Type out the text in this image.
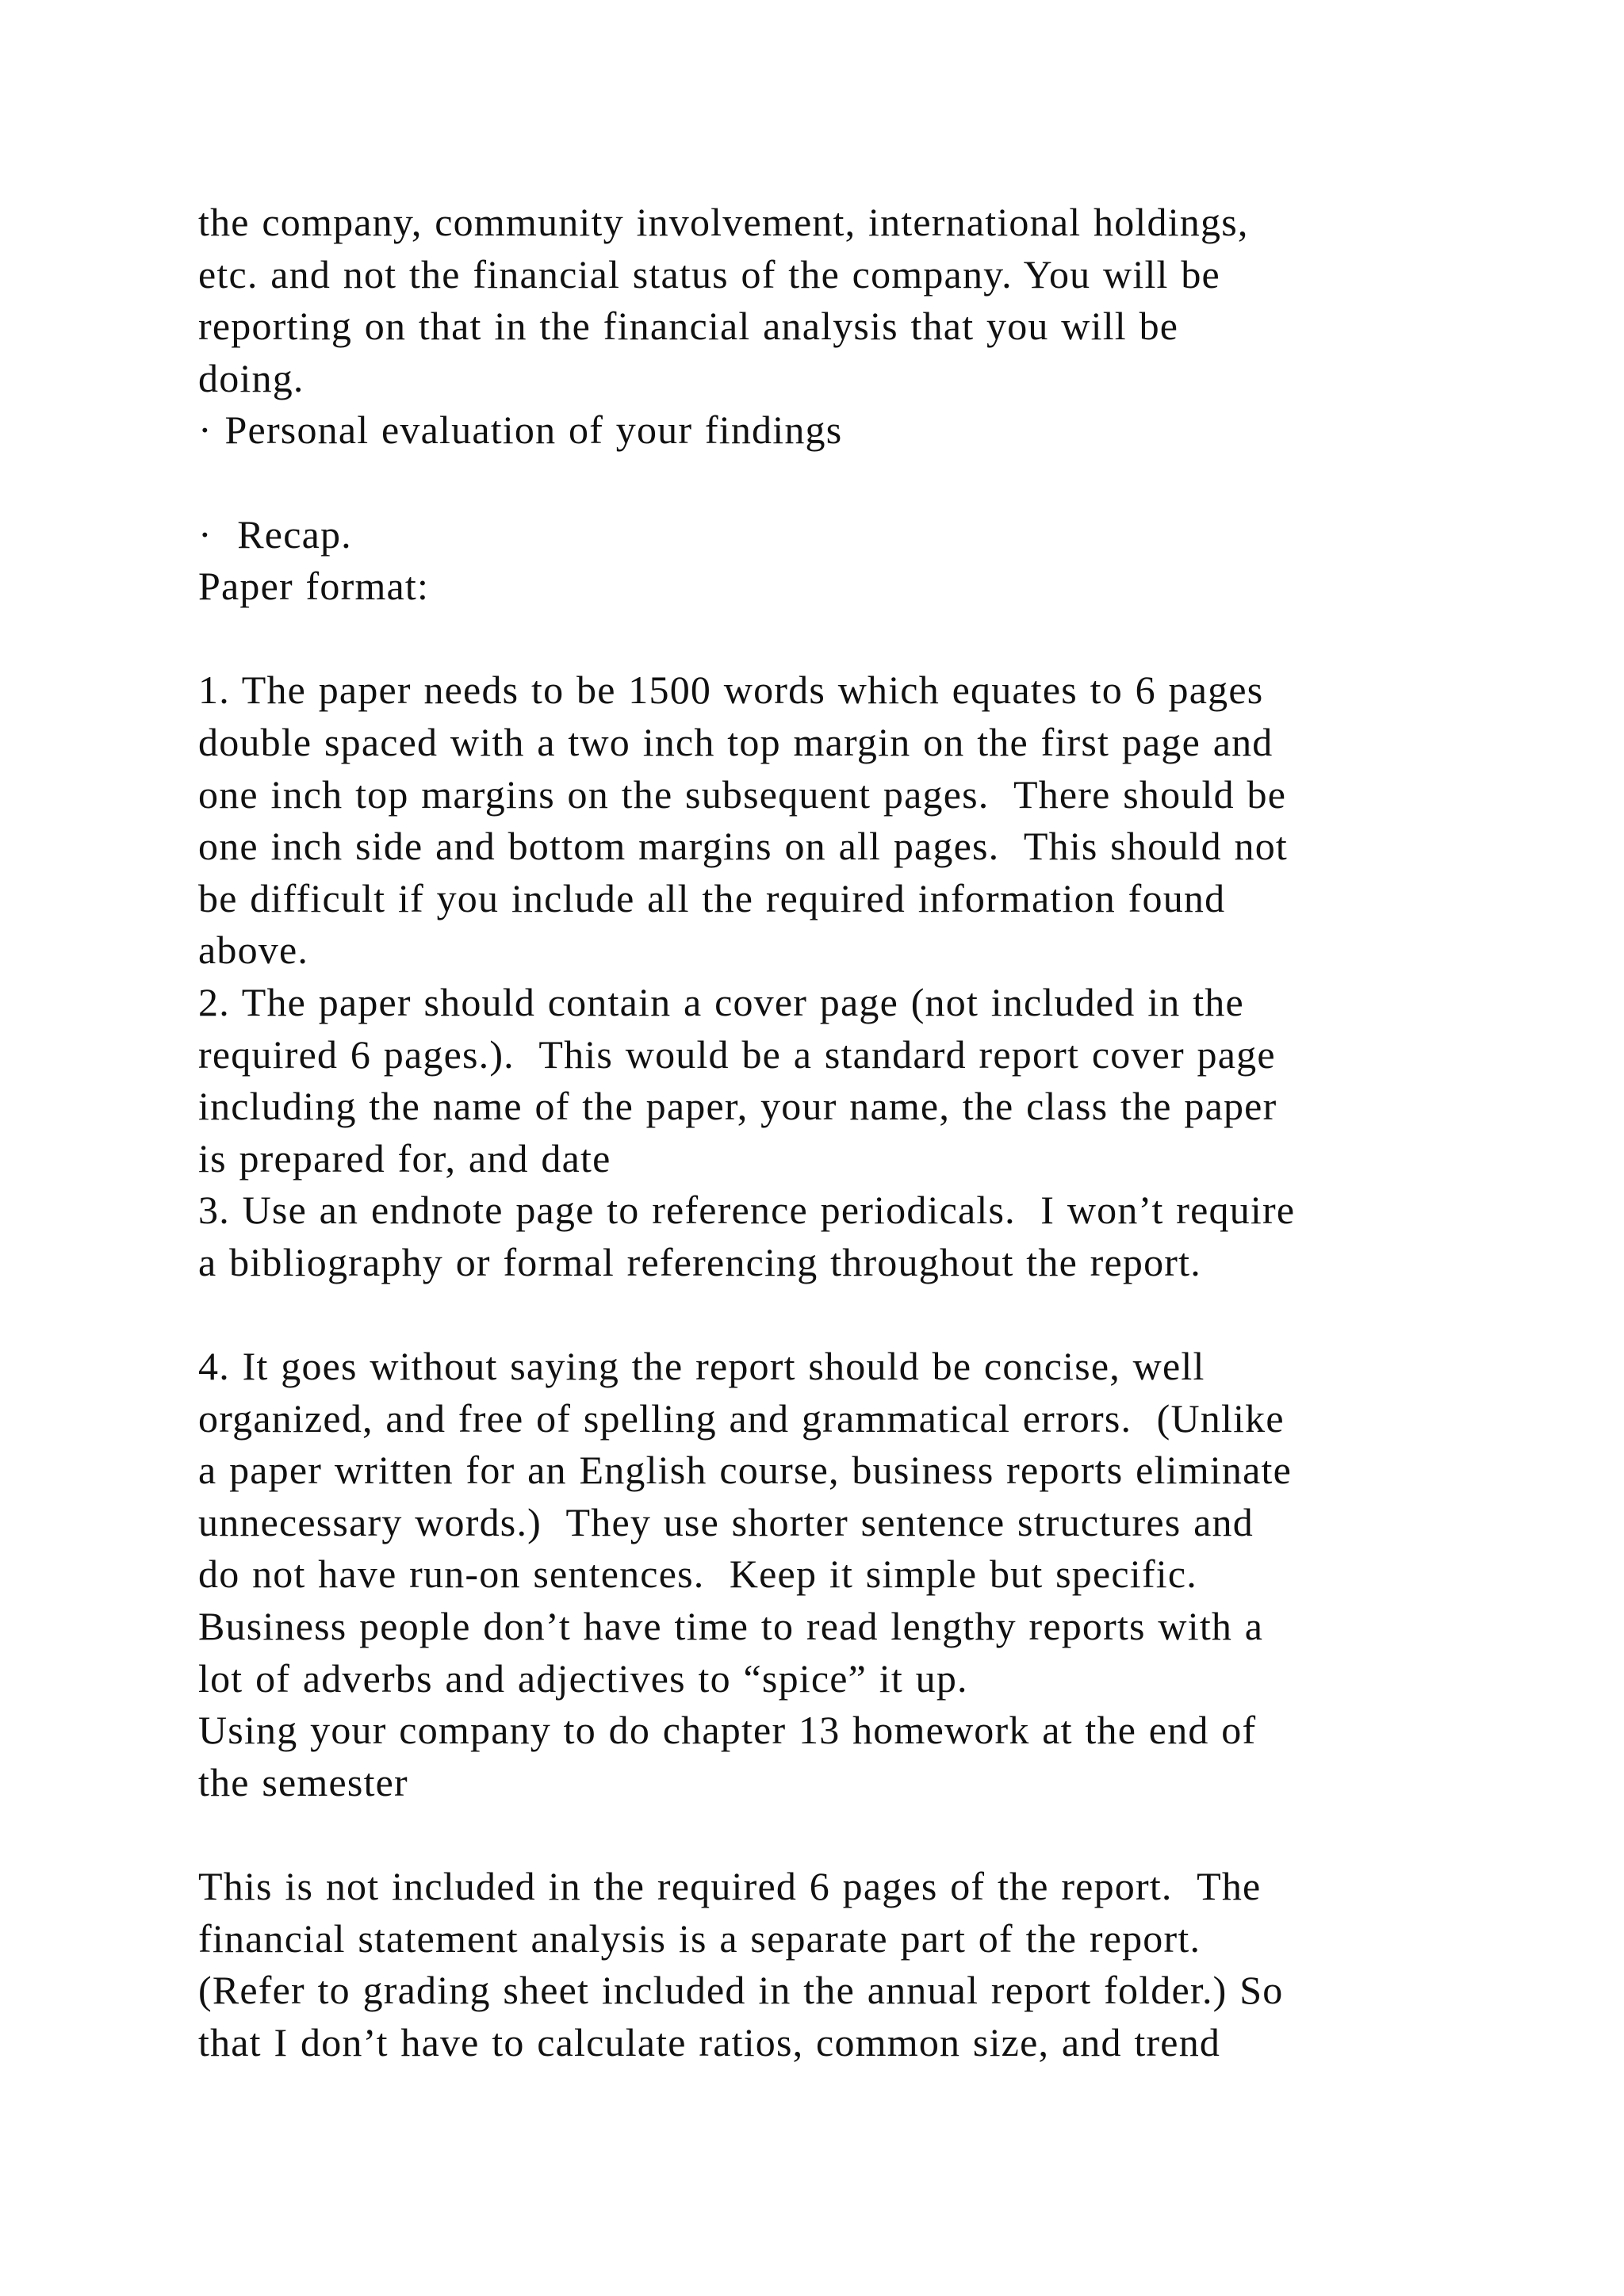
the company, community involvement, international holdings,
etc. and not the financial status of the company. You will be
reporting on that in the financial analysis that you will be
doing.
· Personal evaluation of your findings
·  Recap.
Paper format:
1. The paper needs to be 1500 words which equates to 6 pages
double spaced with a two inch top margin on the first page and
one inch top margins on the subsequent pages.  There should be
one inch side and bottom margins on all pages.  This should not
be difficult if you include all the required information found
above.
2. The paper should contain a cover page (not included in the
required 6 pages.).  This would be a standard report cover page
including the name of the paper, your name, the class the paper
is prepared for, and date
3. Use an endnote page to reference periodicals.  I won’t require
a bibliography or formal referencing throughout the report.
4. It goes without saying the report should be concise, well
organized, and free of spelling and grammatical errors.  (Unlike
a paper written for an English course, business reports eliminate
unnecessary words.)  They use shorter sentence structures and
do not have run-on sentences.  Keep it simple but specific.
Business people don’t have time to read lengthy reports with a
lot of adverbs and adjectives to “spice” it up.
Using your company to do chapter 13 homework at the end of
the semester
This is not included in the required 6 pages of the report.  The
financial statement analysis is a separate part of the report.
(Refer to grading sheet included in the annual report folder.) So
that I don’t have to calculate ratios, common size, and trend
